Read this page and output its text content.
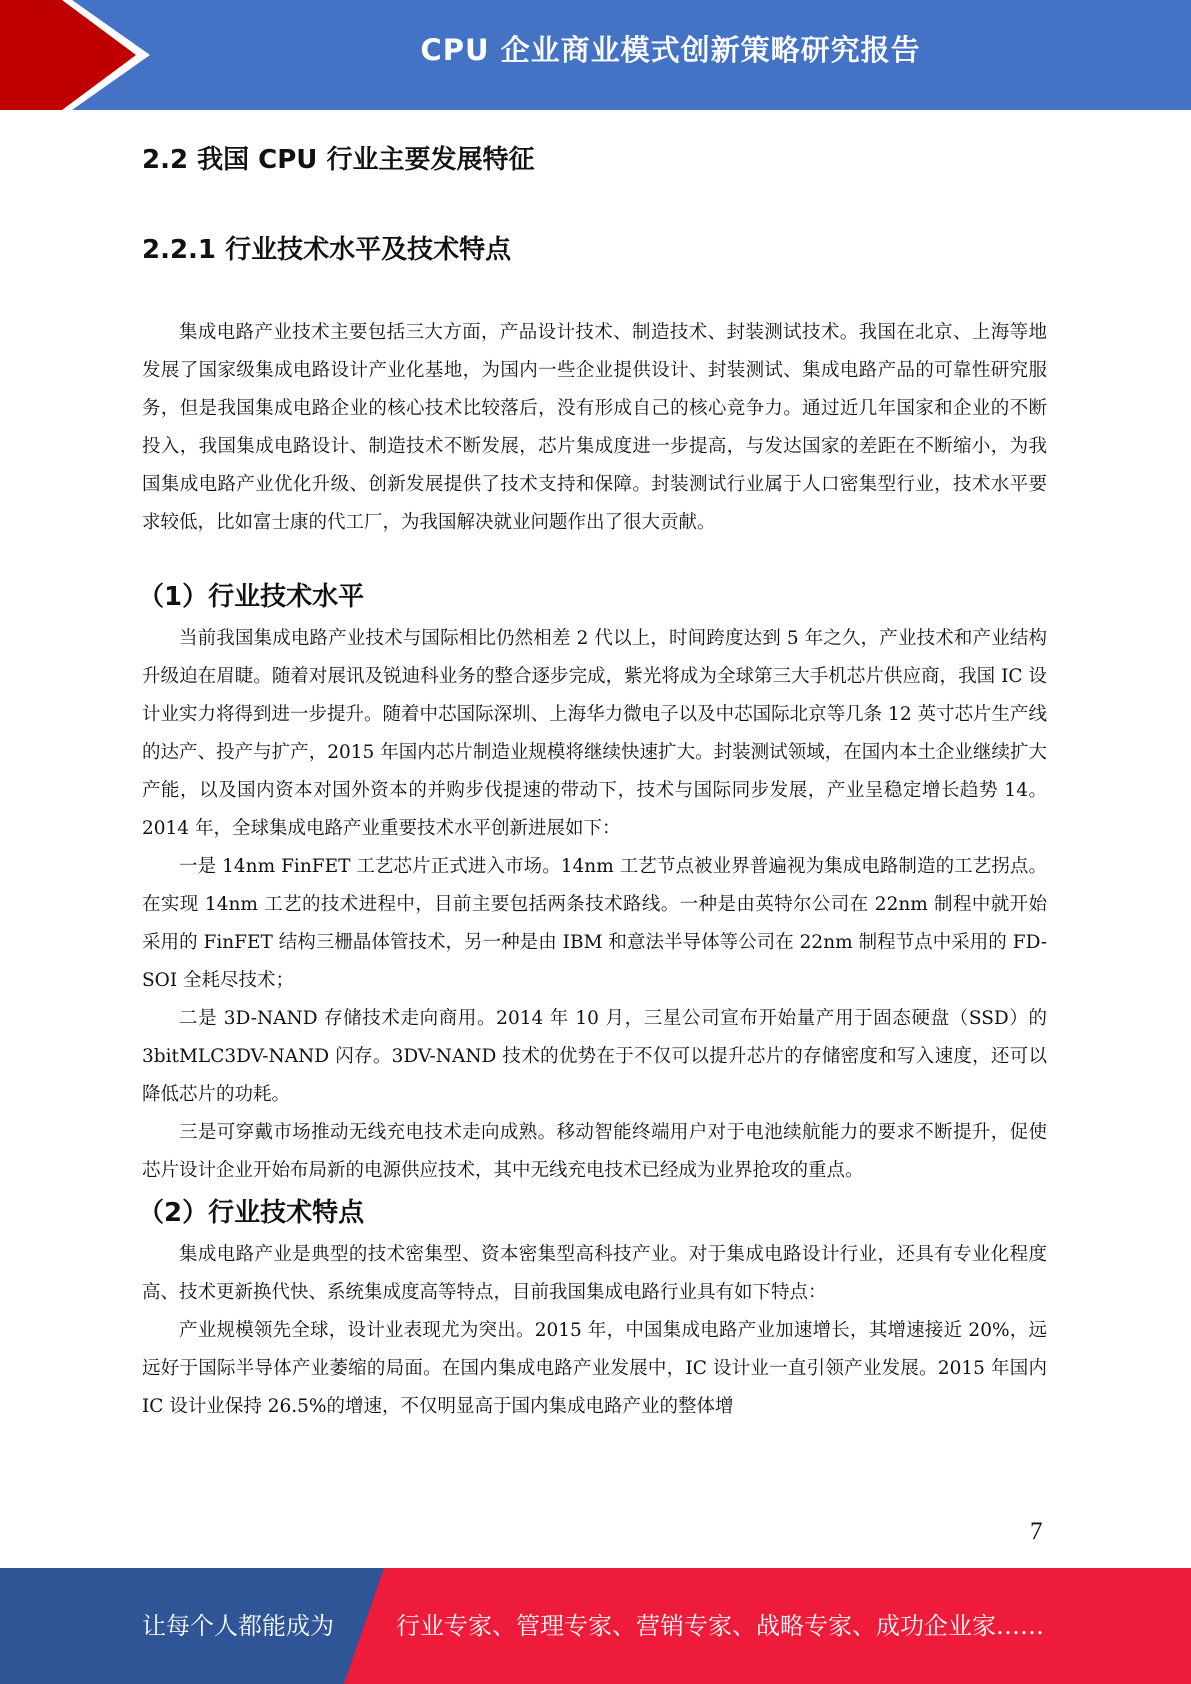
CPU 企业商业模式创新策略研究报告
2.2 我国 CPU 行业主要发展特征
2.2.1 行业技术水平及技术特点

集成电路产业技术主要包括三大方面，产品设计技术、制造技术、封装测试技术。我国在北京、上海等地发展了国家级集成电路设计产业化基地，为国内一些企业提供设计、封装测试、集成电路产品的可靠性研究服务，但是我国集成电路企业的核心技术比较落后，没有形成自己的核心竞争力。通过近几年国家和企业的不断投入，我国集成电路设计、制造技术不断发展，芯片集成度进一步提高，与发达国家的差距在不断缩小，为我国集成电路产业优化升级、创新发展提供了技术支持和保障。封装测试行业属于人口密集型行业，技术水平要求较低，比如富士康的代工厂，为我国解决就业问题作出了很大贡献。

（1）行业技术水平

当前我国集成电路产业技术与国际相比仍然相差 2 代以上，时间跨度达到 5 年之久，产业技术和产业结构升级迫在眉睫。随着对展讯及锐迪科业务的整合逐步完成，紫光将成为全球第三大手机芯片供应商，我国 IC 设计业实力将得到进一步提升。随着中芯国际深圳、上海华力微电子以及中芯国际北京等几条 12 英寸芯片生产线的达产、投产与扩产，2015 年国内芯片制造业规模将继续快速扩大。封装测试领域，在国内本土企业继续扩大产能，以及国内资本对国外资本的并购步伐提速的带动下，技术与国际同步发展，产业呈稳定增长趋势 14。2014 年，全球集成电路产业重要技术水平创新进展如下：

一是 14nm FinFET 工艺芯片正式进入市场。14nm 工艺节点被业界普遍视为集成电路制造的工艺拐点。在实现 14nm 工艺的技术进程中，目前主要包括两条技术路线。一种是由英特尔公司在 22nm 制程中就开始采用的 FinFET 结构三栅晶体管技术，另一种是由 IBM 和意法半导体等公司在 22nm 制程节点中采用的 FD-SOI 全耗尽技术；

二是 3D-NAND 存储技术走向商用。2014 年 10 月，三星公司宣布开始量产用于固态硬盘（SSD）的 3bitMLC3DV-NAND 闪存。3DV-NAND 技术的优势在于不仅可以提升芯片的存储密度和写入速度，还可以降低芯片的功耗。

三是可穿戴市场推动无线充电技术走向成熟。移动智能终端用户对于电池续航能力的要求不断提升，促使芯片设计企业开始布局新的电源供应技术，其中无线充电技术已经成为业界抢攻的重点。

（2）行业技术特点

集成电路产业是典型的技术密集型、资本密集型高科技产业。对于集成电路设计行业，还具有专业化程度高、技术更新换代快、系统集成度高等特点，目前我国集成电路行业具有如下特点：

产业规模领先全球，设计业表现尤为突出。2015 年，中国集成电路产业加速增长，其增速接近 20%，远远好于国际半导体产业萎缩的局面。在国内集成电路产业发展中，IC 设计业一直引领产业发展。2015 年国内 IC 设计业保持 26.5%的增速，不仅明显高于国内集成电路产业的整体增

7
让每个人都能成为	行业专家、管理专家、营销专家、战略专家、成功企业家……
